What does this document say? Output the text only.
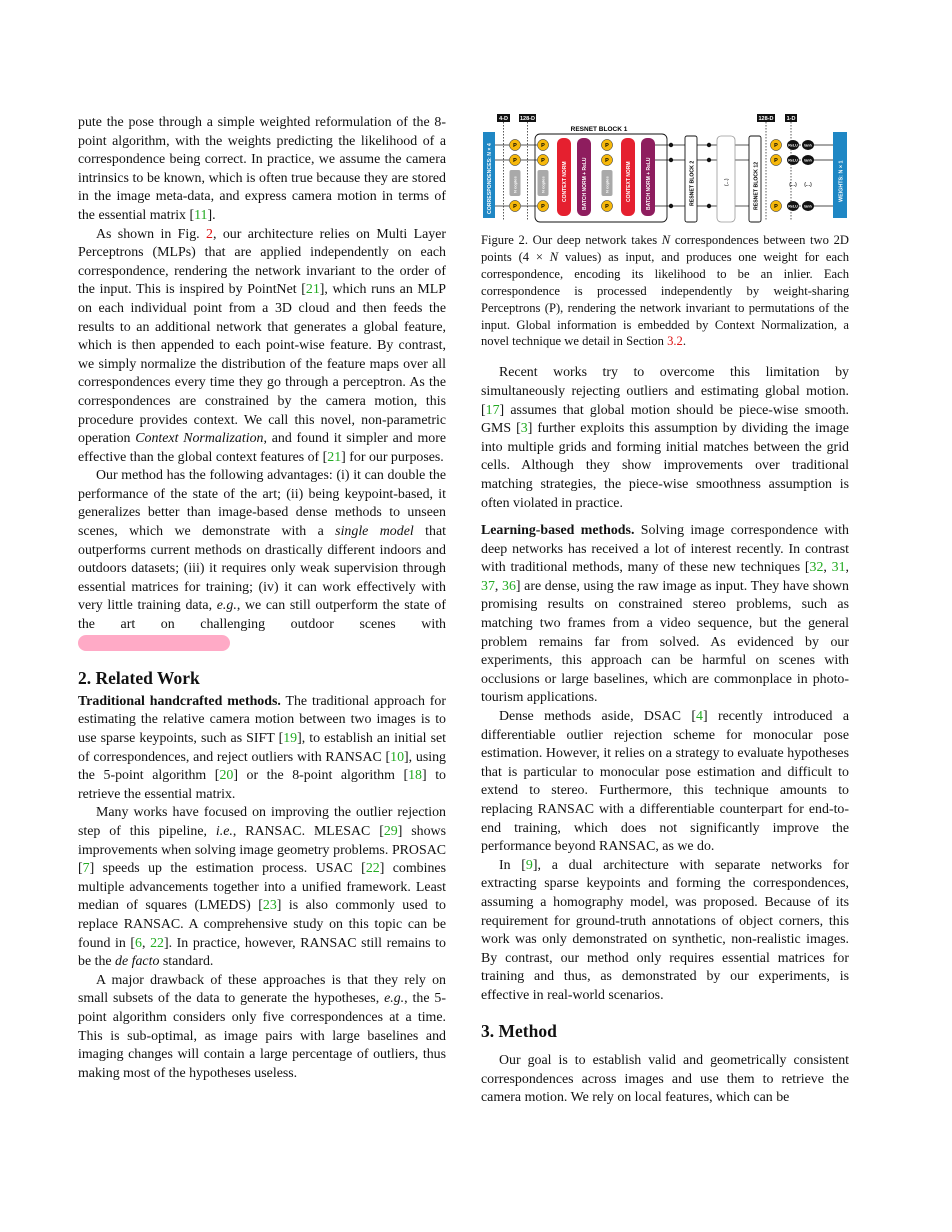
pute the pose through a simple weighted reformulation of the 8-point algorithm, with the weights predicting the likelihood of a correspondence being correct. In practice, we assume the camera intrinsics to be known, which is often true because they are stored in the image meta-data, and express camera motion in terms of the essential matrix [11].

As shown in Fig. 2, our architecture relies on Multi Layer Perceptrons (MLPs) that are applied independently on each correspondence, rendering the network invariant to the order of the input. This is inspired by PointNet [21], which runs an MLP on each individual point from a 3D cloud and then feeds the results to an additional network that generates a global feature, which is then appended to each point-wise feature. By contrast, we simply normalize the distribution of the feature maps over all correspondences every time they go through a perceptron. As the correspondences are constrained by the camera motion, this procedure provides context. We call this novel, non-parametric operation Context Normalization, and found it simpler and more effective than the global context features of [21] for our purposes.

Our method has the following advantages: (i) it can double the performance of the state of the art; (ii) being keypoint-based, it generalizes better than image-based dense methods to unseen scenes, which we demonstrate with a single model that outperforms current methods on drastically different indoors and outdoors datasets; (iii) it requires only weak supervision through essential matrices for training; (iv) it can work effectively with very little training data, e.g., we can still outperform the state of the art on challenging outdoor scenes with

2. Related Work

Traditional handcrafted methods. The traditional approach for estimating the relative camera motion between two images is to use sparse keypoints, such as SIFT [19], to establish an initial set of correspondences, and reject outliers with RANSAC [10], using the 5-point algorithm [20] or the 8-point algorithm [18] to retrieve the essential matrix.

Many works have focused on improving the outlier rejection step of this pipeline, i.e., RANSAC. MLESAC [29] shows improvements when solving image geometry problems. PROSAC [7] speeds up the estimation process. USAC [22] combines multiple advancements together into a unified framework. Least median of squares (LMEDS) [23] is also commonly used to replace RANSAC. A comprehensive study on this topic can be found in [6, 22]. In practice, however, RANSAC still remains to be the de facto standard.

A major drawback of these approaches is that they rely on small subsets of the data to generate the hypotheses, e.g., the 5-point algorithm considers only five correspondences at a time. This is sub-optimal, as image pairs with large baselines and imaging changes will contain a large percentage of outliers, thus making most of the hypotheses useless.

4-D 128-D	128-D 1-D
CORRESPONDENCES: N × 4	WEIGHTS: N × 1
RESNET BLOCK 1
P
P
P
N copies
P
P
P
N copies	CONTEXT NORM	BATCH NORM + ReLU
P
P
P
N copies	CONTEXT NORM	BATCH NORM + ReLU	RESNET BLOCK 2	(...)	RESNET BLOCK 12
P
P
P
ReLU
ReLU
ReLU
tanh
tanh
tanh
(...) (...)

Figure 2. Our deep network takes N correspondences between two 2D points (4 × N values) as input, and produces one weight for each correspondence, encoding its likelihood to be an inlier. Each correspondence is processed independently by weight-sharing Perceptrons (P), rendering the network invariant to permutations of the input. Global information is embedded by Context Normalization, a novel technique we detail in Section 3.2.

Recent works try to overcome this limitation by simultaneously rejecting outliers and estimating global motion. [17] assumes that global motion should be piece-wise smooth. GMS [3] further exploits this assumption by dividing the image into multiple grids and forming initial matches between the grid cells. Although they show improvements over traditional matching strategies, the piece-wise smoothness assumption is often violated in practice.

Learning-based methods. Solving image correspondence with deep networks has received a lot of interest recently. In contrast with traditional methods, many of these new techniques [32, 31, 37, 36] are dense, using the raw image as input. They have shown promising results on constrained stereo problems, such as matching two frames from a video sequence, but the general problem remains far from solved. As evidenced by our experiments, this approach can be harmful on scenes with occlusions or large baselines, which are commonplace in photo-tourism applications.

Dense methods aside, DSAC [4] recently introduced a differentiable outlier rejection scheme for monocular pose estimation. However, it relies on a strategy to evaluate hypotheses that is particular to monocular pose estimation and difficult to extend to stereo. Furthermore, this technique amounts to replacing RANSAC with a differentiable counterpart for end-to-end training, which does not significantly improve the performance beyond RANSAC, as we do.

In [9], a dual architecture with separate networks for extracting sparse keypoints and forming the correspondences, assuming a homography model, was proposed. Because of its requirement for ground-truth annotations of object corners, this work was only demonstrated on synthetic, non-realistic images. By contrast, our method only requires essential matrices for training and thus, as demonstrated by our experiments, is effective in real-world scenarios.

3. Method

Our goal is to establish valid and geometrically consistent correspondences across images and use them to retrieve the camera motion. We rely on local features, which can be
